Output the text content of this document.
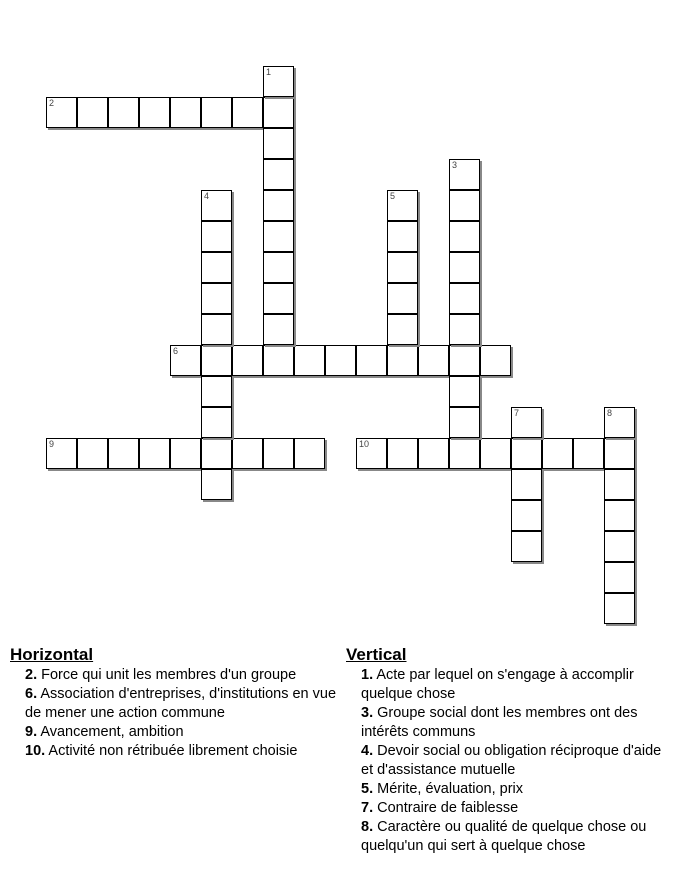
2
6
9	10
1
3
4	5
7	8
Horizontal
2. Force qui unit les membres d'un groupe
6. Association d'entreprises, d'institutions en vue de mener une action commune
9. Avancement, ambition
10. Activité non rétribuée librement choisie
Vertical
1. Acte par lequel on s'engage à accomplir quelque chose
3. Groupe social dont les membres ont des intérêts communs
4. Devoir social ou obligation réciproque d'aide et d'assistance mutuelle
5. Mérite, évaluation, prix
7. Contraire de faiblesse
8. Caractère ou qualité de quelque chose ou quelqu'un qui sert à quelque chose
